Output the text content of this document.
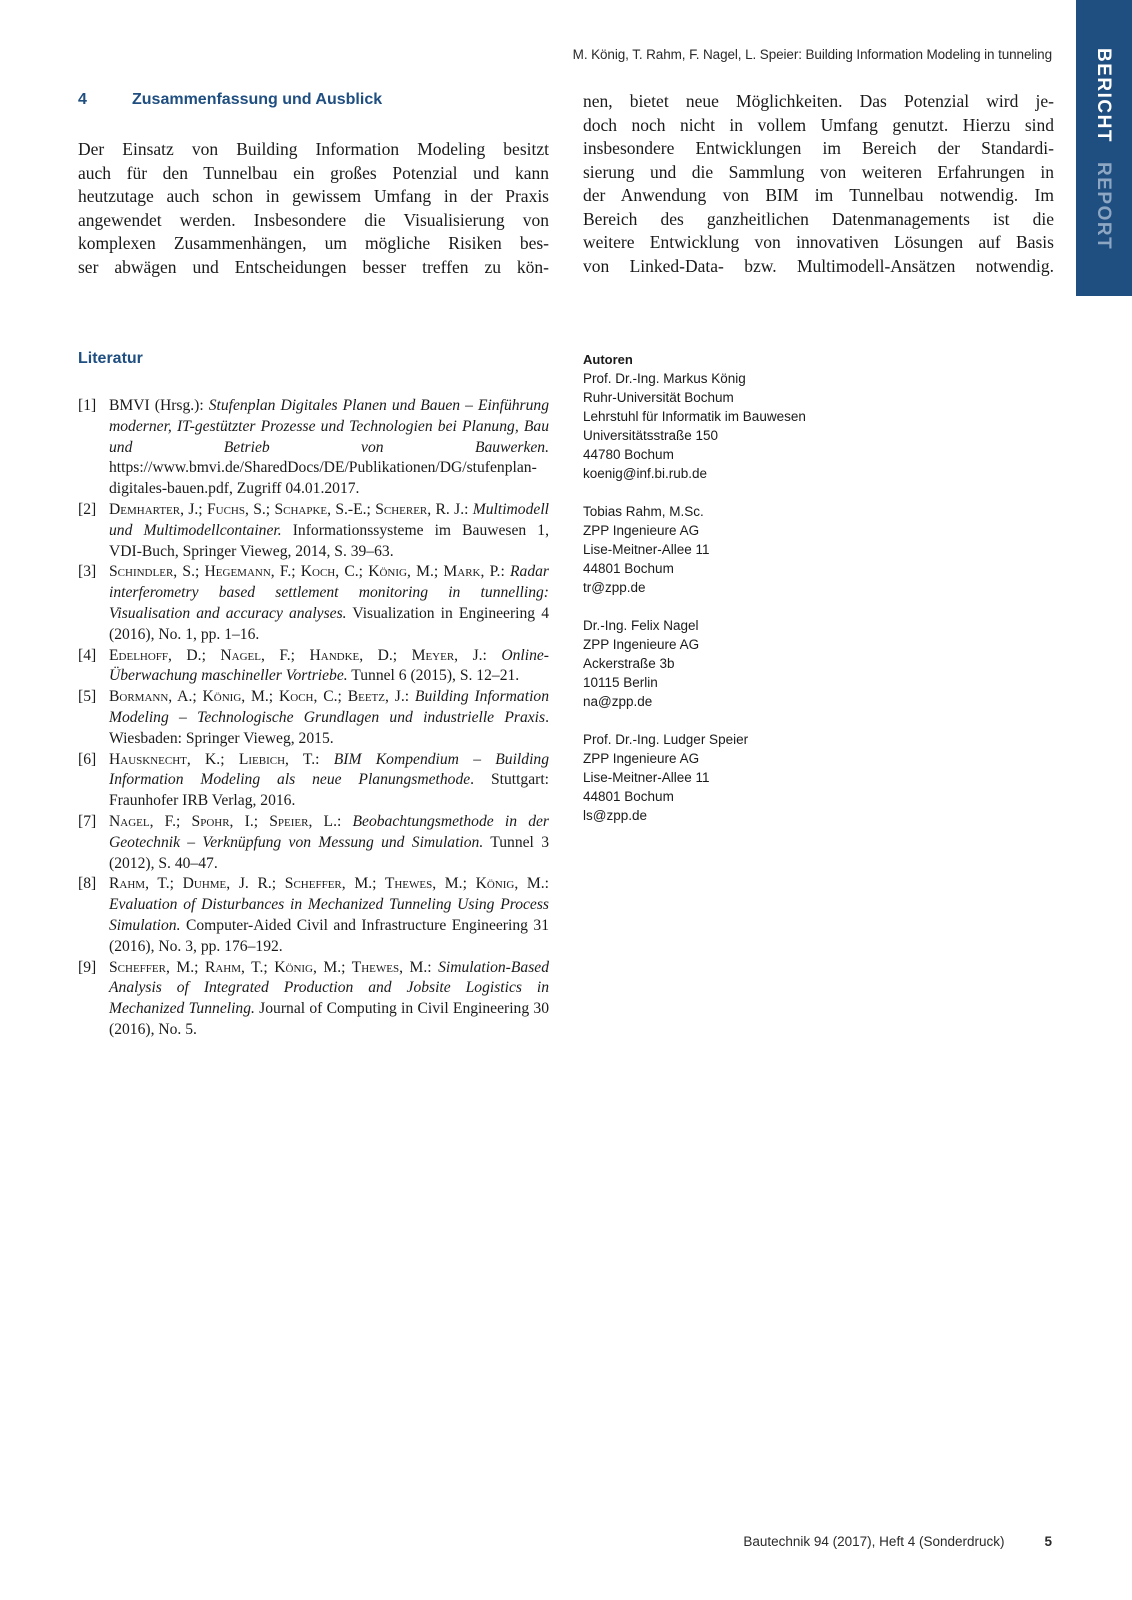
M. König, T. Rahm, F. Nagel, L. Speier: Building Information Modeling in tunneling BERICHT REPORT
4	Zusammenfassung und Ausblick
Der Einsatz von Building Information Modeling besitzt
auch für den Tunnelbau ein großes Potenzial und kann
heutzutage auch schon in gewissem Umfang in der Praxis
angewendet werden. Insbesondere die Visualisierung von
komplexen Zusammenhängen, um mögliche Risiken bes-
ser abwägen und Entscheidungen besser treffen zu kön-
nen, bietet neue Möglichkeiten. Das Potenzial wird je-
doch noch nicht in vollem Umfang genutzt. Hierzu sind
insbesondere Entwicklungen im Bereich der Standardi-
sierung und die Sammlung von weiteren Erfahrungen in
der Anwendung von BIM im Tunnelbau notwendig. Im
Bereich des ganzheitlichen Datenmanagements ist die
weitere Entwicklung von innovativen Lösungen auf Basis
von Linked-Data- bzw. Multimodell-Ansätzen notwendig.
Literatur
[1] BMVI (Hrsg.): Stufenplan Digitales Planen und Bauen – Einführung moderner, IT-gestützter Prozesse und Technologien bei Planung, Bau und Betrieb von Bauwerken. https://www.bmvi.de/SharedDocs/DE/Publikationen/DG/stufenplan-digitales-bauen.pdf, Zugriff 04.01.2017.
[2] Demharter, J.; Fuchs, S.; Schapke, S.-E.; Scherer, R. J.: Multimodell und Multimodellcontainer. Informationssysteme im Bauwesen 1, VDI-Buch, Springer Vieweg, 2014, S. 39–63.
[3] Schindler, S.; Hegemann, F.; Koch, C.; König, M.; Mark, P.: Radar interferometry based settlement monitoring in tunnelling: Visualisation and accuracy analyses. Visualization in Engineering 4 (2016), No. 1, pp. 1–16.
[4] Edelhoff, D.; Nagel, F.; Handke, D.; Meyer, J.: Online-Überwachung maschineller Vortriebe. Tunnel 6 (2015), S. 12–21.
[5] Bormann, A.; König, M.; Koch, C.; Beetz, J.: Building Information Modeling – Technologische Grundlagen und industrielle Praxis. Wiesbaden: Springer Vieweg, 2015.
[6] Hausknecht, K.; Liebich, T.: BIM Kompendium – Building Information Modeling als neue Planungsmethode. Stuttgart: Fraunhofer IRB Verlag, 2016.
[7] Nagel, F.; Spohr, I.; Speier, L.: Beobachtungsmethode in der Geotechnik – Verknüpfung von Messung und Simulation. Tunnel 3 (2012), S. 40–47.
[8] Rahm, T.; Duhme, J. R.; Scheffer, M.; Thewes, M.; König, M.: Evaluation of Disturbances in Mechanized Tunneling Using Process Simulation. Computer-Aided Civil and Infrastructure Engineering 31 (2016), No. 3, pp. 176–192.
[9] Scheffer, M.; Rahm, T.; König, M.; Thewes, M.: Simulation-Based Analysis of Integrated Production and Jobsite Logistics in Mechanized Tunneling. Journal of Computing in Civil Engineering 30 (2016), No. 5.
Autoren
Prof. Dr.-Ing. Markus König
Ruhr-Universität Bochum
Lehrstuhl für Informatik im Bauwesen
Universitätsstraße 150
44780 Bochum
koenig@inf.bi.rub.de
Tobias Rahm, M.Sc.
ZPP Ingenieure AG
Lise-Meitner-Allee 11
44801 Bochum
tr@zpp.de
Dr.-Ing. Felix Nagel
ZPP Ingenieure AG
Ackerstraße 3b
10115 Berlin
na@zpp.de
Prof. Dr.-Ing. Ludger Speier
ZPP Ingenieure AG
Lise-Meitner-Allee 11
44801 Bochum
ls@zpp.de
Bautechnik 94 (2017), Heft 4 (Sonderdruck)	5
